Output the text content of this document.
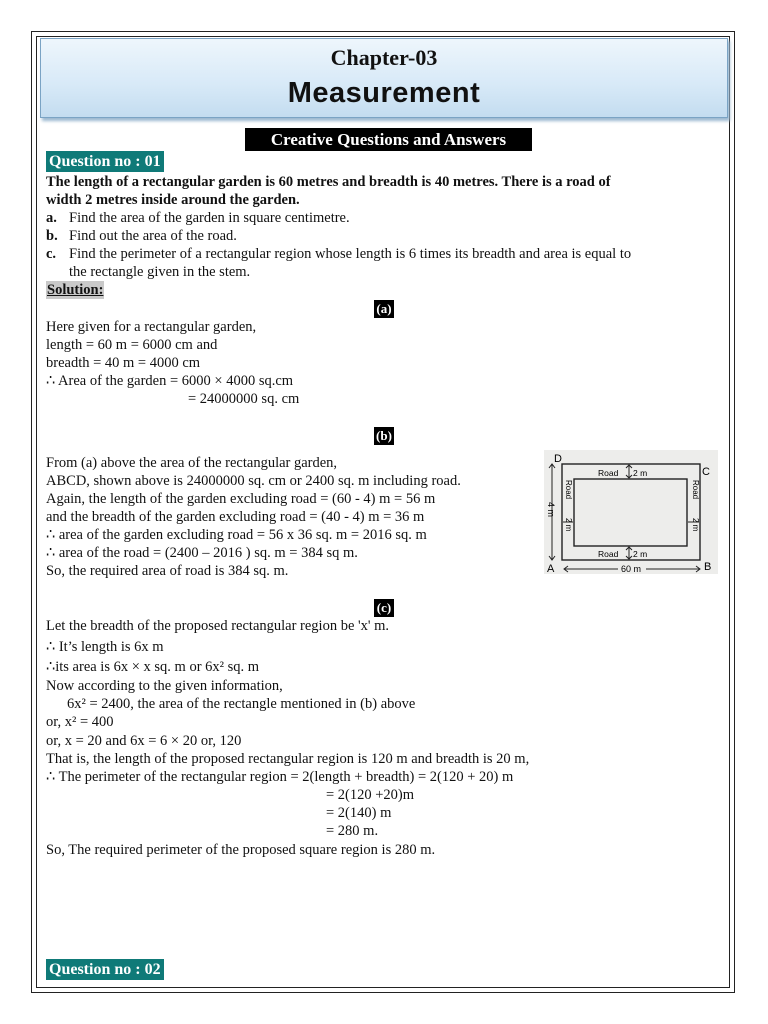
Chapter-03
Measurement
Creative Questions and Answers
Question no : 01
The length of a rectangular garden is 60 metres and breadth is 40 metres. There is a road of
width 2 metres inside around the garden.
a. Find the area of the garden in square centimetre.
b. Find out the area of the road.
c. Find the perimeter of a rectangular region whose length is 6 times its breadth and area is equal to
the rectangle given in the stem.
Solution:
(a)
Here given for a rectangular garden,
length = 60 m = 6000 cm and
breadth = 40 m = 4000 cm
∴ Area of the garden = 6000 × 4000 sq.cm
= 24000000 sq. cm
(b)
From (a) above the area of the rectangular garden,
ABCD, shown above is 24000000 sq. cm or 2400 sq. m including road.
Again, the length of the garden excluding road = (60 - 4) m = 56 m
and the breadth of the garden excluding road = (40 - 4) m = 36 m
∴ area of the garden excluding road = 56 x 36 sq. m = 2016 sq. m
∴ area of the road = (2400 – 2016 ) sq. m = 384 sq m.
So, the required area of road is 384 sq. m.
D
C
B
A
Road 2 m
Road 2 m
Road	Road
2 m	2 m
4 m
60 m
(c)
Let the breadth of the proposed rectangular region be 'x' m.
∴ It’s length is 6x m
∴its area is 6x × x sq. m or 6x² sq. m
Now according to the given information,
6x² = 2400, the area of the rectangle mentioned in (b) above
or, x² = 400
or, x = 20 and 6x = 6 × 20 or, 120
That is, the length of the proposed rectangular region is 120 m and breadth is 20 m,
∴ The perimeter of the rectangular region = 2(length + breadth) = 2(120 + 20) m
= 2(120 +20)m
= 2(140) m
= 280 m.
So, The required perimeter of the proposed square region is 280 m.
Question no : 02
